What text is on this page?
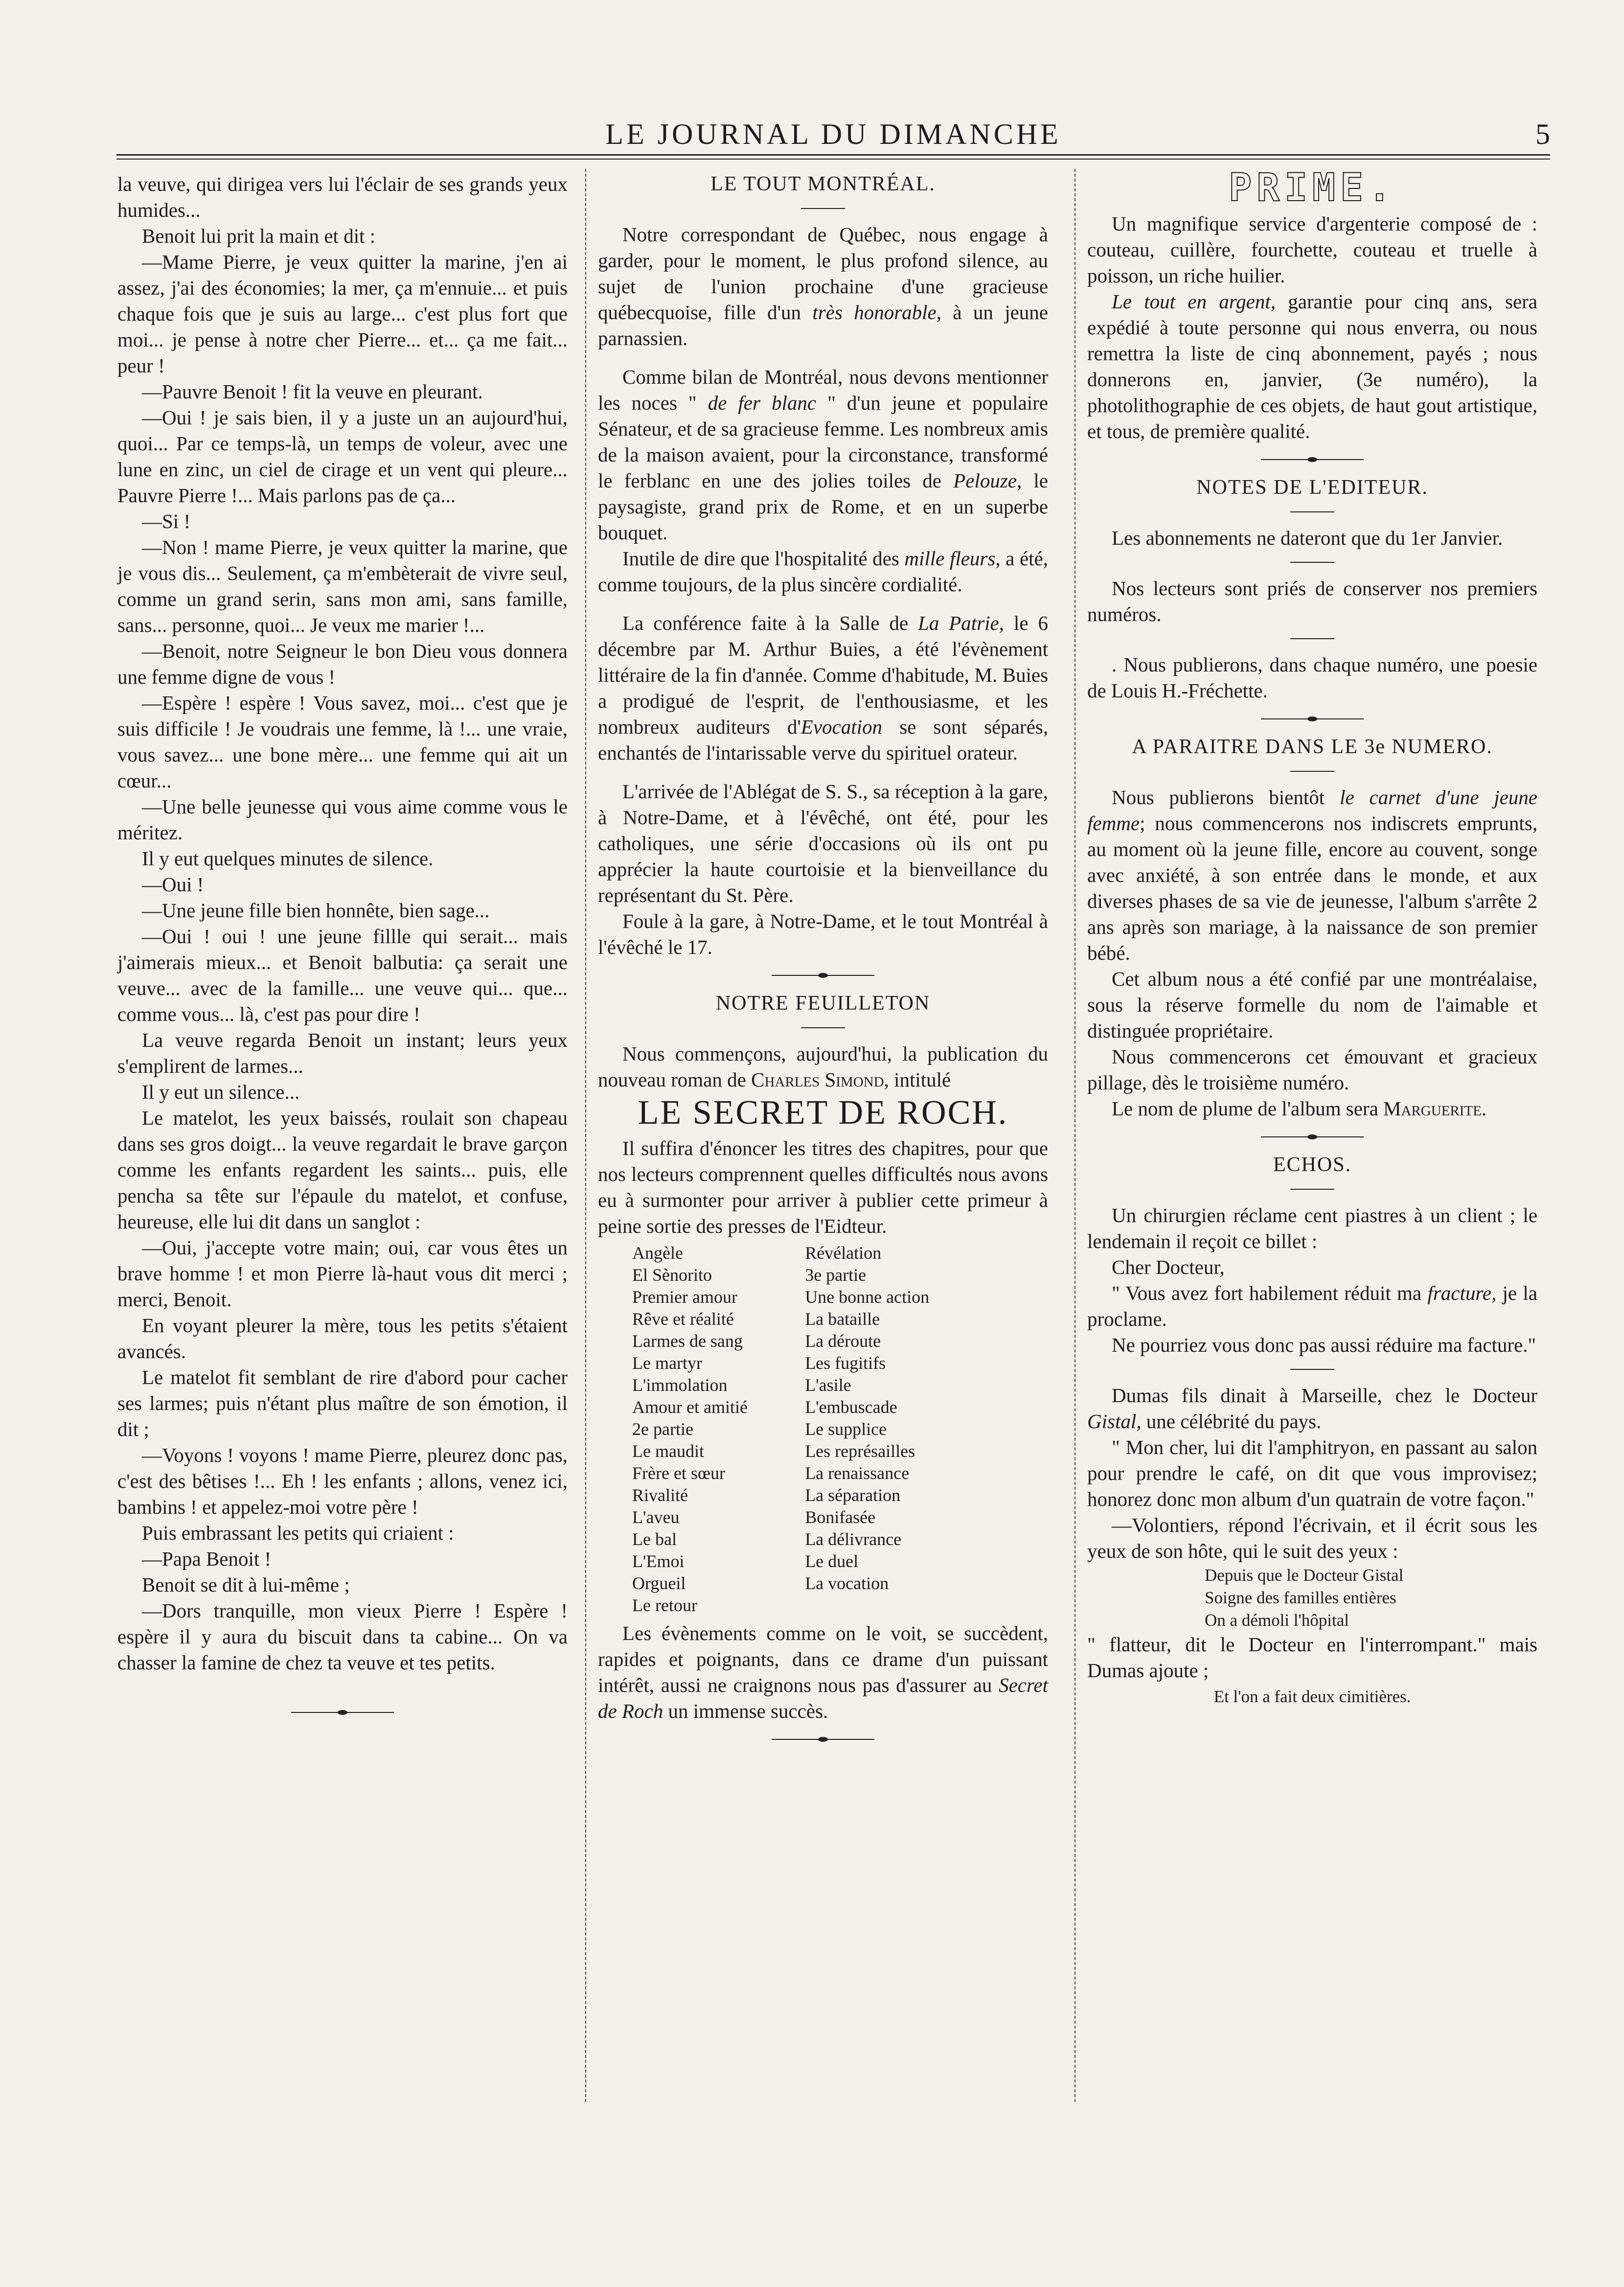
LE JOURNAL DU DIMANCHE	5

la veuve, qui dirigea vers lui l'éclair de ses grands yeux humides...

Benoit lui prit la main et dit :

—Mame Pierre, je veux quitter la marine, j'en ai assez, j'ai des économies; la mer, ça m'ennuie... et puis chaque fois que je suis au large... c'est plus fort que moi... je pense à notre cher Pierre... et... ça me fait... peur !

—Pauvre Benoit ! fit la veuve en pleurant.

—Oui ! je sais bien, il y a juste un an aujourd'hui, quoi... Par ce temps-là, un temps de voleur, avec une lune en zinc, un ciel de cirage et un vent qui pleure... Pauvre Pierre !... Mais parlons pas de ça...

—Si !

—Non ! mame Pierre, je veux quitter la marine, que je vous dis... Seulement, ça m'embèterait de vivre seul, comme un grand serin, sans mon ami, sans famille, sans... personne, quoi... Je veux me marier !...

—Benoit, notre Seigneur le bon Dieu vous donnera une femme digne de vous !

—Espère ! espère ! Vous savez, moi... c'est que je suis difficile ! Je voudrais une femme, là !... une vraie, vous savez... une bone mère... une femme qui ait un cœur...

—Une belle jeunesse qui vous aime comme vous le méritez.

Il y eut quelques minutes de silence.

—Oui !

—Une jeune fille bien honnête, bien sage...

—Oui ! oui ! une jeune fillle qui serait... mais j'aimerais mieux... et Benoit balbutia: ça serait une veuve... avec de la famille... une veuve qui... que... comme vous... là, c'est pas pour dire !

La veuve regarda Benoit un instant; leurs yeux s'emplirent de larmes...

Il y eut un silence...

Le matelot, les yeux baissés, roulait son chapeau dans ses gros doigt... la veuve regardait le brave garçon comme les enfants regardent les saints... puis, elle pencha sa tête sur l'épaule du matelot, et confuse, heureuse, elle lui dit dans un sanglot :

—Oui, j'accepte votre main; oui, car vous êtes un brave homme ! et mon Pierre là-haut vous dit merci ; merci, Benoit.

En voyant pleurer la mère, tous les petits s'étaient avancés.

Le matelot fit semblant de rire d'abord pour cacher ses larmes; puis n'étant plus maître de son émotion, il dit ;

—Voyons ! voyons ! mame Pierre, pleurez donc pas, c'est des bêtises !... Eh ! les enfants ; allons, venez ici, bambins ! et appelez-moi votre père !

Puis embrassant les petits qui criaient :

—Papa Benoit !

Benoit se dit à lui-même ;

—Dors tranquille, mon vieux Pierre ! Espère ! espère il y aura du biscuit dans ta cabine... On va chasser la famine de chez ta veuve et tes petits.

LE TOUT MONTRÉAL.

Notre correspondant de Québec, nous engage à garder, pour le moment, le plus profond silence, au sujet de l'union prochaine d'une gracieuse québecquoise, fille d'un très honorable, à un jeune parnassien.

Comme bilan de Montréal, nous devons mentionner les noces " de fer blanc " d'un jeune et populaire Sénateur, et de sa gracieuse femme. Les nombreux amis de la maison avaient, pour la circonstance, transformé le ferblanc en une des jolies toiles de Pelouze, le paysagiste, grand prix de Rome, et en un superbe bouquet.

Inutile de dire que l'hospitalité des mille fleurs, a été, comme toujours, de la plus sincère cordialité.

La conférence faite à la Salle de La Patrie, le 6 décembre par M. Arthur Buies, a été l'évènement littéraire de la fin d'année. Comme d'habitude, M. Buies a prodigué de l'esprit, de l'enthousiasme, et les nombreux auditeurs d'Evocation se sont séparés, enchantés de l'intarissable verve du spirituel orateur.

L'arrivée de l'Ablégat de S. S., sa réception à la gare, à Notre-Dame, et à l'évêché, ont été, pour les catholiques, une série d'occasions où ils ont pu apprécier la haute courtoisie et la bienveillance du représentant du St. Père.

Foule à la gare, à Notre-Dame, et le tout Montréal à l'évêché le 17.

NOTRE FEUILLETON

Nous commençons, aujourd'hui, la publication du nouveau roman de Charles Simond, intitulé

LE SECRET DE ROCH.

Il suffira d'énoncer les titres des chapitres, pour que nos lecteurs comprennent quelles difficultés nous avons eu à surmonter pour arriver à publier cette primeur à peine sortie des presses de l'Eidteur.

Angèle	Révélation
El Sènorito	3e partie
Premier amour	Une bonne action
Rêve et réalité	La bataille
Larmes de sang	La déroute
Le martyr	Les fugitifs
L'immolation	L'asile
Amour et amitié	L'embuscade
2e partie	Le supplice
Le maudit	Les représailles
Frère et sœur	La renaissance
Rivalité	La séparation
L'aveu	Bonifasée
Le bal	La délivrance
L'Emoi	Le duel
Orgueil	La vocation
Le retour	

Les évènements comme on le voit, se succèdent, rapides et poignants, dans ce drame d'un puissant intérêt, aussi ne craignons nous pas d'assurer au Secret de Roch un immense succès.

PRIME.

Un magnifique service d'argenterie composé de : couteau, cuillère, fourchette, couteau et truelle à poisson, un riche huilier.

Le tout en argent, garantie pour cinq ans, sera expédié à toute personne qui nous enverra, ou nous remettra la liste de cinq abonnement, payés ; nous donnerons en, janvier, (3e numéro), la photolithographie de ces objets, de haut gout artistique, et tous, de première qualité.

NOTES DE L'EDITEUR.

Les abonnements ne dateront que du 1er Janvier.

Nos lecteurs sont priés de conserver nos premiers numéros.

. Nous publierons, dans chaque numéro, une poesie de Louis H.-Fréchette.

A PARAITRE DANS LE 3e NUMERO.

Nous publierons bientôt le carnet d'une jeune femme; nous commencerons nos indiscrets emprunts, au moment où la jeune fille, encore au couvent, songe avec anxiété, à son entrée dans le monde, et aux diverses phases de sa vie de jeunesse, l'album s'arrête 2 ans après son mariage, à la naissance de son premier bébé.

Cet album nous a été confié par une montréalaise, sous la réserve formelle du nom de l'aimable et distinguée propriétaire.

Nous commencerons cet émouvant et gracieux pillage, dès le troisième numéro.

Le nom de plume de l'album sera Marguerite.

ECHOS.

Un chirurgien réclame cent piastres à un client ; le lendemain il reçoit ce billet :

Cher Docteur,

" Vous avez fort habilement réduit ma fracture, je la proclame.

Ne pourriez vous donc pas aussi réduire ma facture."

Dumas fils dinait à Marseille, chez le Docteur Gistal, une célébrité du pays.

" Mon cher, lui dit l'amphitryon, en passant au salon pour prendre le café, on dit que vous improvisez; honorez donc mon album d'un quatrain de votre façon."

—Volontiers, répond l'écrivain, et il écrit sous les yeux de son hôte, qui le suit des yeux :

Depuis que le Docteur Gistal

Soigne des familles entières

On a démoli l'hôpital

" flatteur, dit le Docteur en l'interrompant." mais Dumas ajoute ;

Et l'on a fait deux cimitières.
